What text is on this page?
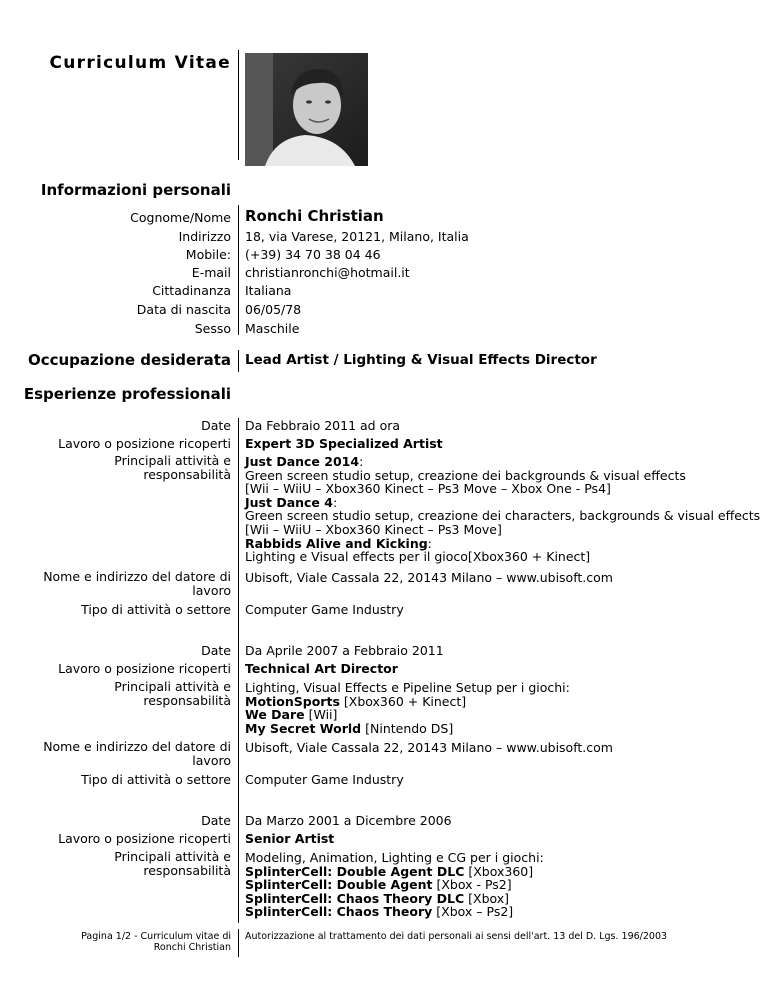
Curriculum Vitae
Informazioni personali
Cognome/Nome Ronchi Christian
Indirizzo 18, via Varese, 20121, Milano, Italia
Mobile: (+39) 34 70 38 04 46
E-mail christianronchi@hotmail.it
Cittadinanza Italiana
Data di nascita 06/05/78
Sesso Maschile
Occupazione desiderata Lead Artist / Lighting & Visual Effects Director
Esperienze professionali
Date Da Febbraio 2011 ad ora
Lavoro o posizione ricoperti Expert 3D Specialized Artist
Principali attività e
responsabilità
Just Dance 2014:
Green screen studio setup, creazione dei backgrounds & visual effects
[Wii – WiiU – Xbox360 Kinect – Ps3 Move – Xbox One - Ps4]
Just Dance 4:
Green screen studio setup, creazione dei characters, backgrounds & visual effects
[Wii – WiiU – Xbox360 Kinect – Ps3 Move]
Rabbids Alive and Kicking:
Lighting e Visual effects per il gioco[Xbox360 + Kinect]
Nome e indirizzo del datore di
lavoro
Ubisoft, Viale Cassala 22, 20143 Milano – www.ubisoft.com
Tipo di attività o settore Computer Game Industry
Date Da Aprile 2007 a Febbraio 2011
Lavoro o posizione ricoperti Technical Art Director
Principali attività e
responsabilità
Lighting, Visual Effects e Pipeline Setup per i giochi:
MotionSports [Xbox360 + Kinect]
We Dare [Wii]
My Secret World [Nintendo DS]
Nome e indirizzo del datore di
lavoro
Ubisoft, Viale Cassala 22, 20143 Milano – www.ubisoft.com
Tipo di attività o settore Computer Game Industry
Date Da Marzo 2001 a Dicembre 2006
Lavoro o posizione ricoperti Senior Artist
Principali attività e
responsabilità
Modeling, Animation, Lighting e CG per i giochi:
SplinterCell: Double Agent DLC [Xbox360]
SplinterCell: Double Agent [Xbox - Ps2]
SplinterCell: Chaos Theory DLC [Xbox]
SplinterCell: Chaos Theory [Xbox – Ps2]
Pagina 1/2 - Curriculum vitae di
Ronchi Christian
Autorizzazione al trattamento dei dati personali ai sensi dell'art. 13 del D. Lgs. 196/2003
